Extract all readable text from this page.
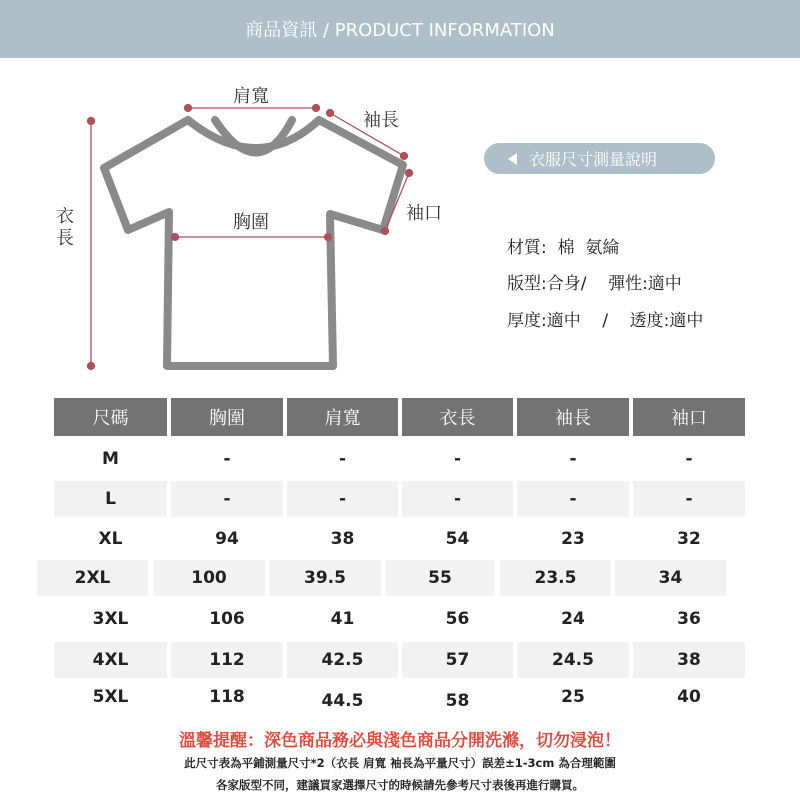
商品資訊 / PRODUCT INFORMATION
肩寬
袖長
胸圍	袖口
衣
長
衣服尺寸測量說明
材質:  棉  氨綸
版型:合身/    彈性:適中
厚度:適中    /    透度:適中
尺碼	胸圍	肩寬	衣長	袖長	袖口
M	-	-	-	-	-
L	-	-	-	-	-
XL	94	38	54	23	32
2XL	100	39.5	55	23.5	34
3XL	106	41	56	24	36
4XL	112	42.5	57	24.5	38
5XL	118	44.5	58	25	40
溫馨提醒：深色商品務必與淺色商品分開洗滌，切勿浸泡！
此尺寸表為平鋪測量尺寸*2（衣長 肩寬 袖長為平量尺寸）誤差±1-3cm 為合理範圍
各家版型不同，建議買家選擇尺寸的時候請先參考尺寸表後再進行購買。
